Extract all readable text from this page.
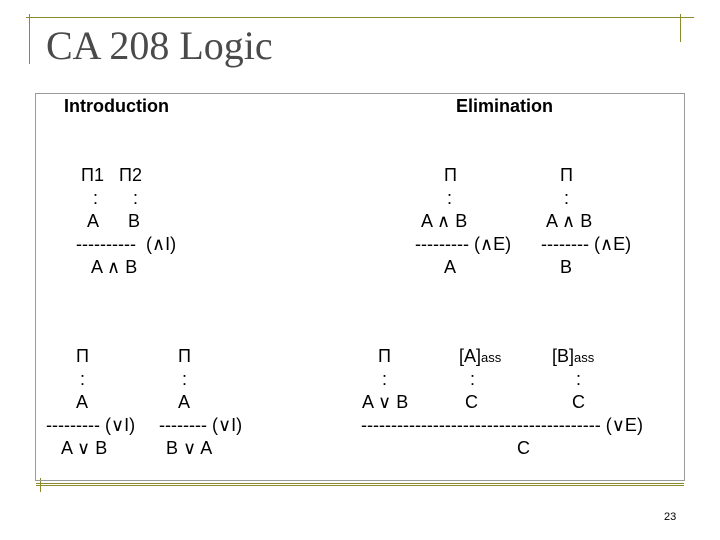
CA 208 Logic
Introduction	Elimination
Π1   Π2
:       :
A      B
----------  (∧I)
A ∧ B
Π
:
A ∧ B
--------- (∧E)
A
Π
:
A ∧ B
-------- (∧E)
B
Π
:
A
--------- (∨I)
A ∨ B
Π
:
A
-------- (∨I)
B ∨ A
Π
:
A ∨ B
[A]ass
:
C
[B]ass
:
C
---------------------------------------- (∨E)
C
23
